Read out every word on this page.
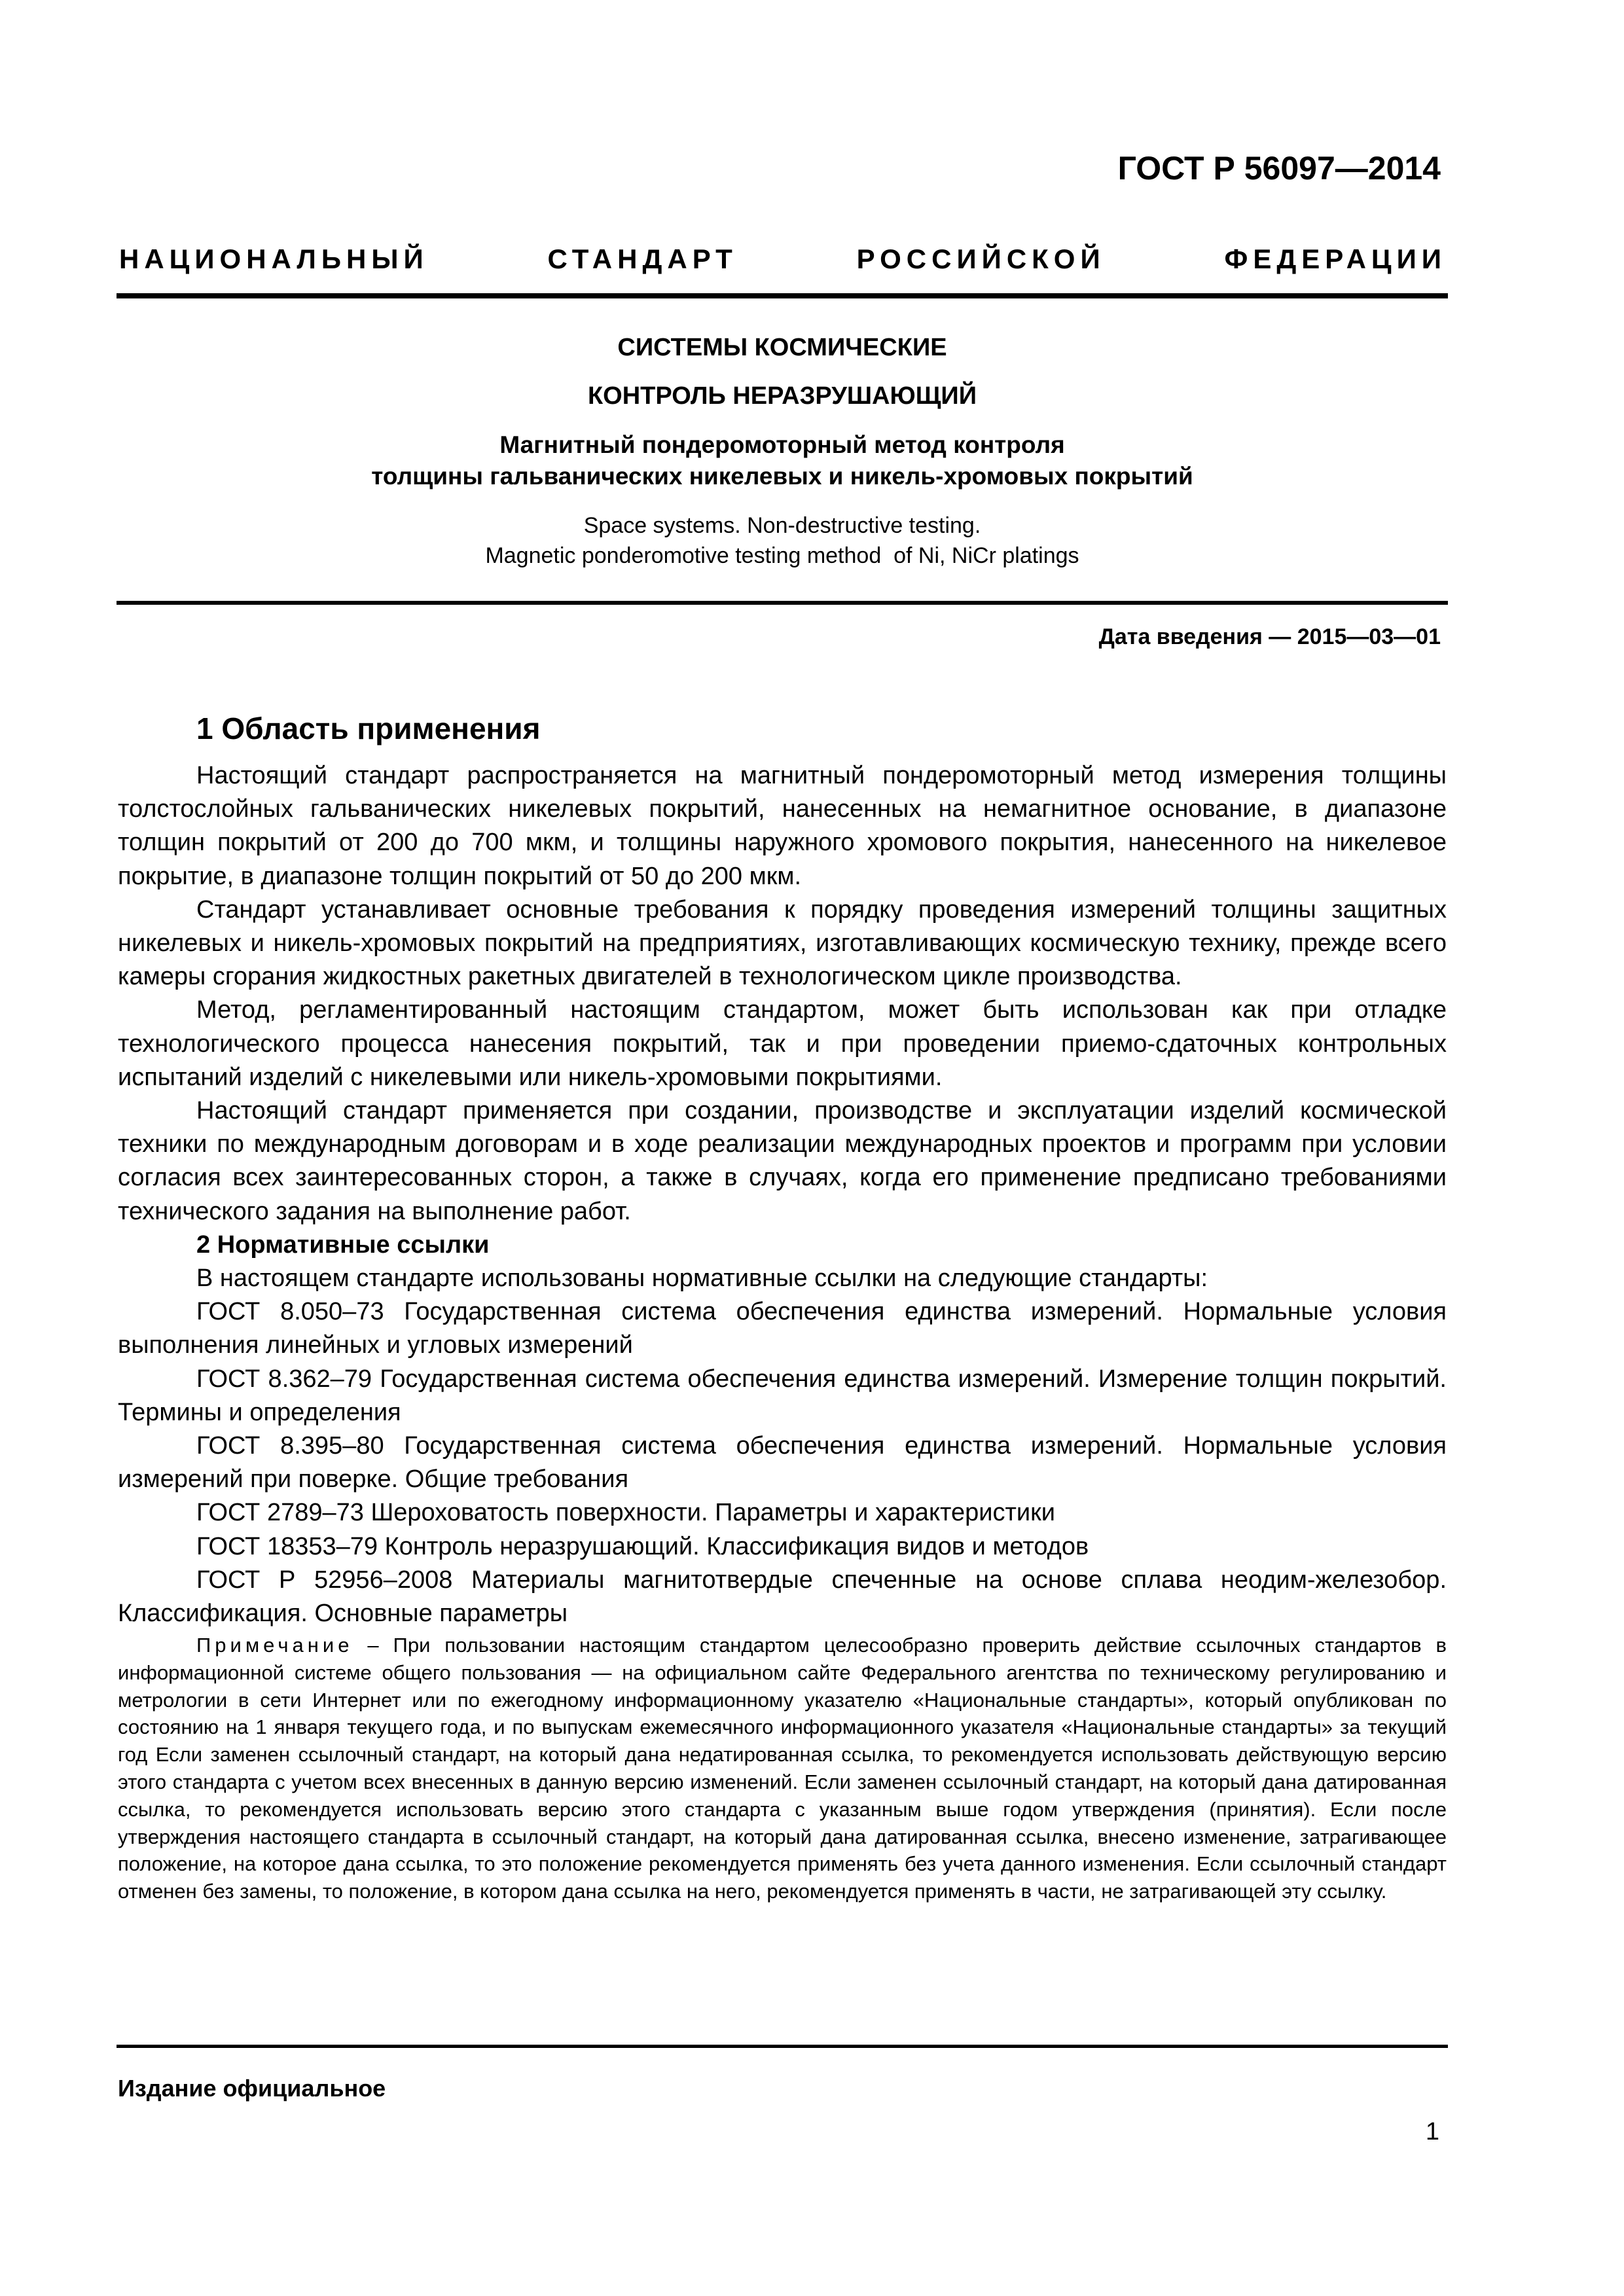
ГОСТ Р 56097—2014
НАЦИОНАЛЬНЫЙ СТАНДАРТ РОССИЙСКОЙ ФЕДЕРАЦИИ
СИСТЕМЫ КОСМИЧЕСКИЕ
КОНТРОЛЬ НЕРАЗРУШАЮЩИЙ
Магнитный пондеромоторный метод контроля
толщины гальванических никелевых и никель-хромовых покрытий
Space systems. Non-destructive testing.
Magnetic ponderomotive testing method  of Ni, NiCr platings
Дата введения — 2015—03—01
1 Область применения

Настоящий стандарт распространяется на магнитный пондеромоторный метод измерения толщины толстослойных гальванических никелевых покрытий, нанесенных на немагнитное основание, в диапазоне толщин покрытий от 200 до 700 мкм, и толщины наружного хромового покрытия, нанесенного на никелевое покрытие, в диапазоне толщин покрытий от 50 до 200 мкм.

Стандарт устанавливает основные требования к порядку проведения измерений толщины защитных никелевых и никель-хромовых покрытий на предприятиях, изготавливающих космическую технику, прежде всего камеры сгорания жидкостных ракетных двигателей в технологическом цикле производства.

Метод, регламентированный настоящим стандартом, может быть использован как при отладке технологического процесса нанесения покрытий, так и при проведении приемо-сдаточных контрольных испытаний изделий с никелевыми или никель-хромовыми покрытиями.

Настоящий стандарт применяется при создании, производстве и эксплуатации изделий космической техники по международным договорам и в ходе реализации международных проектов и программ при условии согласия всех заинтересованных сторон, а также в случаях, когда его применение предписано требованиями технического задания на выполнение работ.

2 Нормативные ссылки

В настоящем стандарте использованы нормативные ссылки на следующие стандарты:

ГОСТ 8.050–73 Государственная система обеспечения единства измерений. Нормальные условия выполнения линейных и угловых измерений

ГОСТ 8.362–79 Государственная система обеспечения единства измерений. Измерение толщин покрытий. Термины и определения

ГОСТ 8.395–80 Государственная система обеспечения единства измерений. Нормальные условия измерений при поверке. Общие требования

ГОСТ 2789–73 Шероховатость поверхности. Параметры и характеристики

ГОСТ 18353–79 Контроль неразрушающий. Классификация видов и методов

ГОСТ Р 52956–2008 Материалы магнитотвердые спеченные на основе сплава неодим-железобор. Классификация. Основные параметры

Примечание – При пользовании настоящим стандартом целесообразно проверить действие ссылочных стандартов в информационной системе общего пользования — на официальном сайте Федерального агентства по техническому регулированию и метрологии в сети Интернет или по ежегодному информационному указателю «Национальные стандарты», который опубликован по состоянию на 1 января текущего года, и по выпускам ежемесячного информационного указателя «Национальные стандарты» за текущий год Если заменен ссылочный стандарт, на который дана недатированная ссылка, то рекомендуется использовать действующую версию этого стандарта с учетом всех внесенных в данную версию изменений. Если заменен ссылочный стандарт, на который дана датированная ссылка, то рекомендуется использовать версию этого стандарта с указанным выше годом утверждения (принятия). Если после утверждения настоящего стандарта в ссылочный стандарт, на который дана датированная ссылка, внесено изменение, затрагивающее положение, на которое дана ссылка, то это положение рекомендуется применять без учета данного изменения. Если ссылочный стандарт отменен без замены, то положение, в котором дана ссылка на него, рекомендуется применять в части, не затрагивающей эту ссылку.
Издание официальное
1
